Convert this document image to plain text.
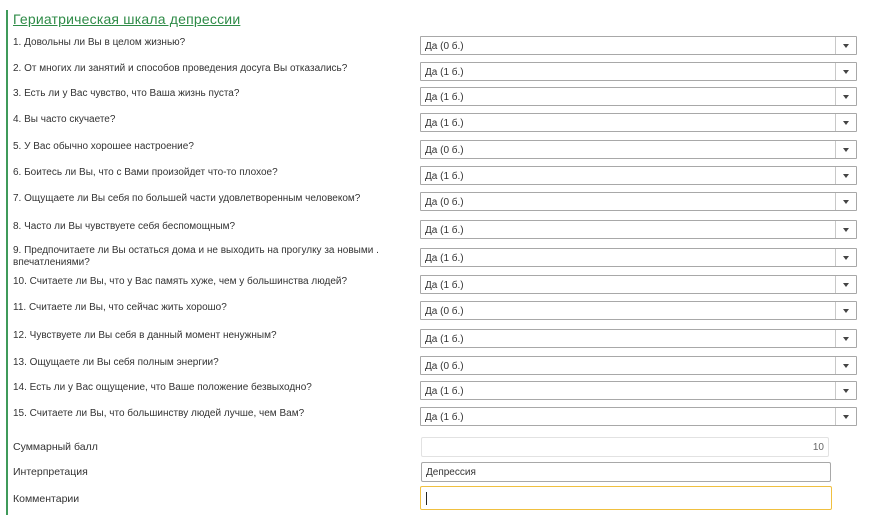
Гериатрическая шкала депрессии
1. Довольны ли Вы в целом жизнью?	Да (0 б.)
2. От многих ли занятий и способов проведения досуга Вы отказались?	Да (1 б.)
3. Есть ли у Вас чувство, что Ваша жизнь пуста?	Да (1 б.)
4. Вы часто скучаете?	Да (1 б.)
5. У Вас обычно хорошее настроение?	Да (0 б.)
6. Боитесь ли Вы, что с Вами произойдет что-то плохое?	Да (1 б.)
7. Ощущаете ли Вы себя по большей части удовлетворенным человеком?	Да (0 б.)
8. Часто ли Вы чувствуете себя беспомощным?	Да (1 б.)
9. Предпочитаете ли Вы остаться дома и не выходить на прогулку за новыми . впечатлениями?	Да (1 б.)
10. Считаете ли Вы, что у Вас память хуже, чем у большинства людей?	Да (1 б.)
11. Считаете ли Вы, что сейчас жить хорошо?	Да (0 б.)
12. Чувствуете ли Вы себя в данный момент ненужным?	Да (1 б.)
13. Ощущаете ли Вы себя полным энергии?	Да (0 б.)
14. Есть ли у Вас ощущение, что Ваше положение безвыходно?	Да (1 б.)
15. Считаете ли Вы, что большинству людей лучше, чем Вам?	Да (1 б.)
Суммарный балл	10
Интерпретация	Депрессия
Комментарии
